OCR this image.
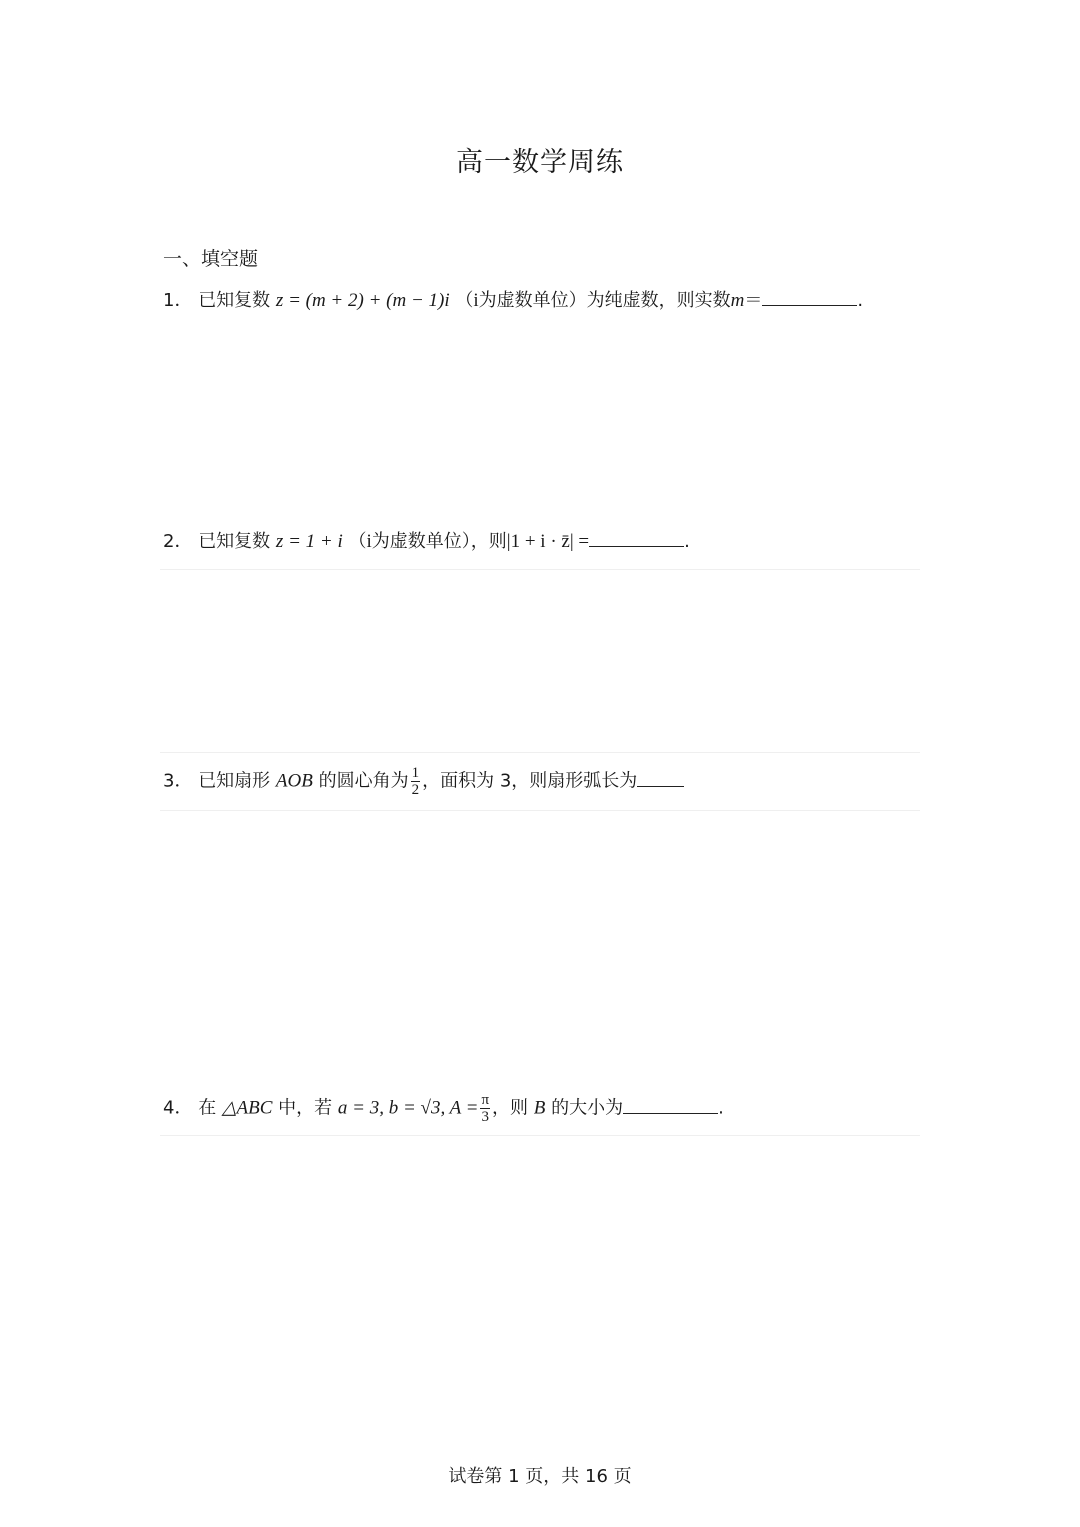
高一数学周练
一、填空题
1． 已知复数 z = (m + 2) + (m − 1)i （i为虚数单位）为纯虚数，则实数m＝	.
2． 已知复数 z = 1 + i （i为虚数单位），则|1 + i · z̄| =	.
3． 已知扇形 AOB 的圆心角为 $\frac{1}{2}$ ，面积为 3，则扇形弧长为
4． 在 △ABC 中，若 a = 3, b = √3, $A = \frac{\pi}{3}$ ，则 B 的大小为	.
试卷第 1 页，共 16 页
